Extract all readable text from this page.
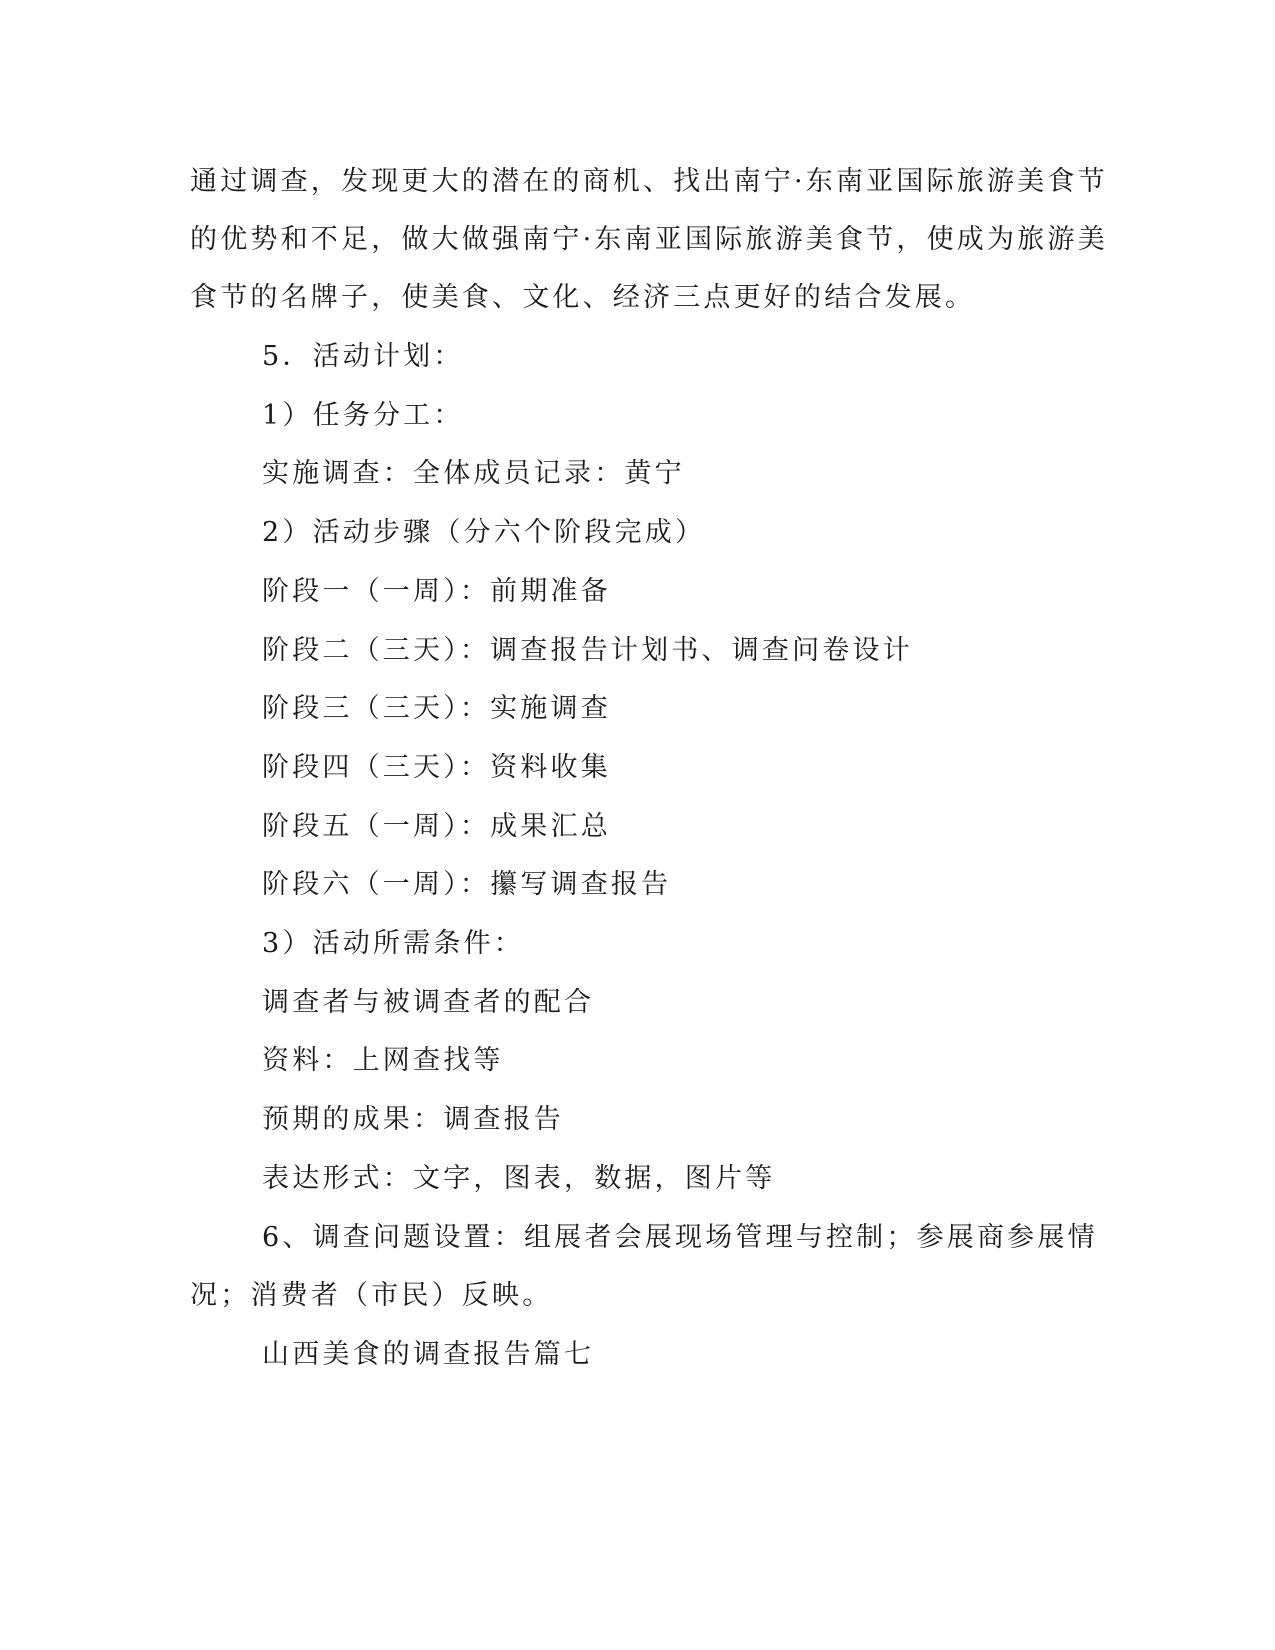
通过调查，发现更大的潜在的商机、找出南宁·东南亚国际旅游美食节
的优势和不足，做大做强南宁·东南亚国际旅游美食节，使成为旅游美
食节的名牌子，使美食、文化、经济三点更好的结合发展。
5．活动计划：
1）任务分工：
实施调查：全体成员记录：黄宁
2）活动步骤（分六个阶段完成）
阶段一（一周）：前期准备
阶段二（三天）：调查报告计划书、调查问卷设计
阶段三（三天）：实施调查
阶段四（三天）：资料收集
阶段五（一周）：成果汇总
阶段六（一周）：攥写调查报告
3）活动所需条件：
调查者与被调查者的配合
资料：上网查找等
预期的成果：调查报告
表达形式：文字，图表，数据，图片等
6、调查问题设置：组展者会展现场管理与控制；参展商参展情
况；消费者（市民）反映。
山西美食的调查报告篇七
